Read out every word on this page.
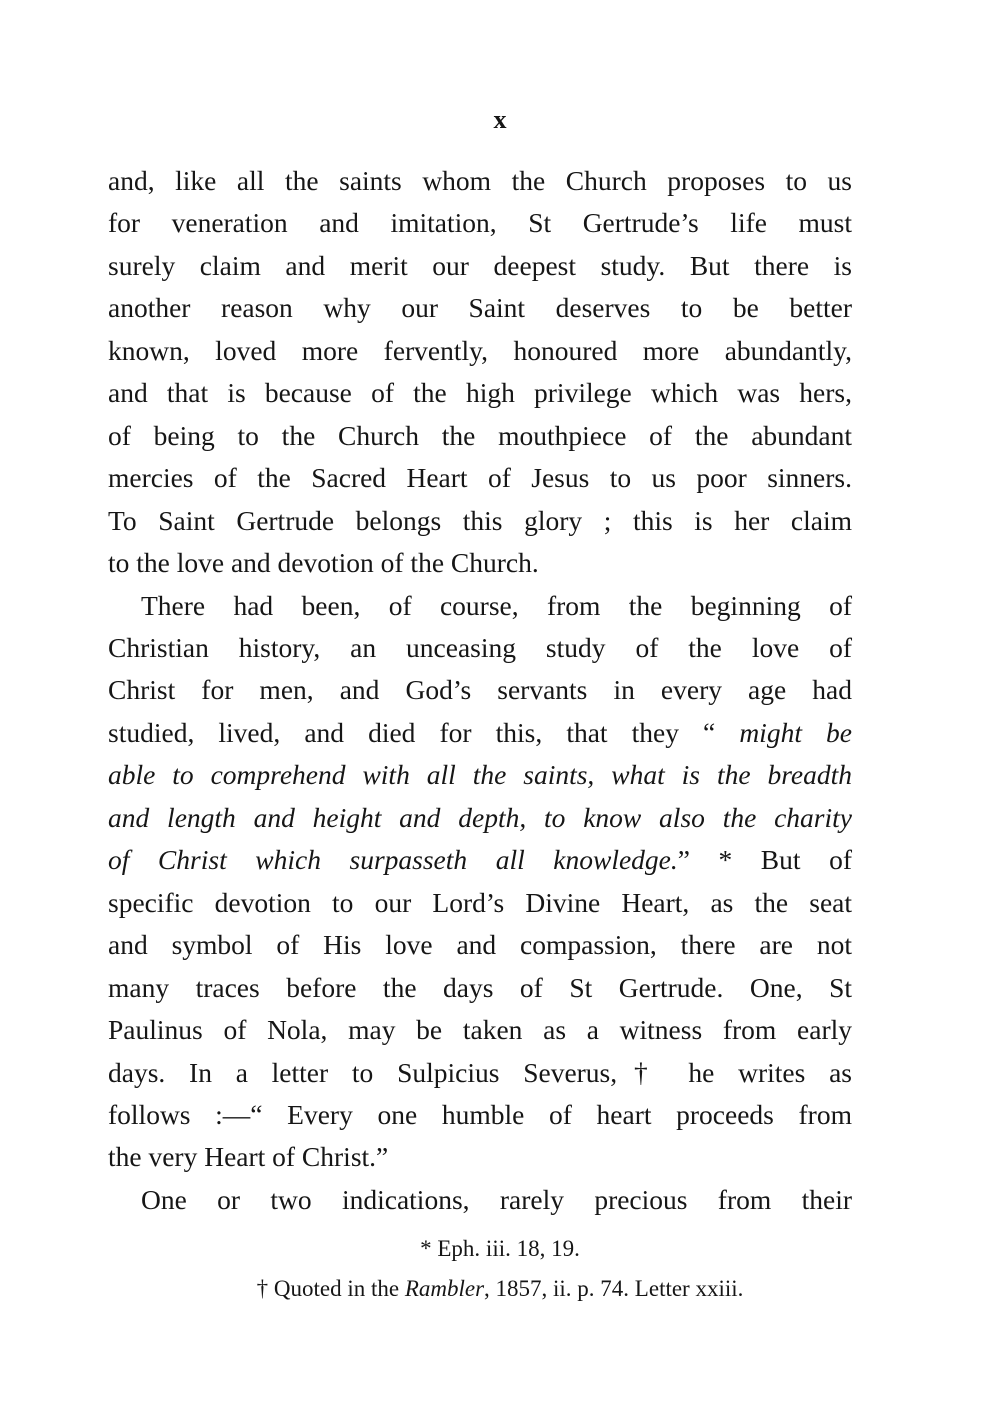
x
and, like all the saints whom the Church proposes to us
for veneration and imitation, St Gertrude’s life must
surely claim and merit our deepest study. But there is
another reason why our Saint deserves to be better
known, loved more fervently, honoured more abundantly,
and that is because of the high privilege which was hers,
of being to the Church the mouthpiece of the abundant
mercies of the Sacred Heart of Jesus to us poor sinners.
To Saint Gertrude belongs this glory ; this is her claim
to the love and devotion of the Church.
There had been, of course, from the beginning of
Christian history, an unceasing study of the love of
Christ for men, and God’s servants in every age had
studied, lived, and died for this, that they “ might be
able to comprehend with all the saints, what is the breadth
and length and height and depth, to know also the charity
of Christ which surpasseth all knowledge.” * But of
specific devotion to our Lord’s Divine Heart, as the seat
and symbol of His love and compassion, there are not
many traces before the days of St Gertrude. One, St
Paulinus of Nola, may be taken as a witness from early
days. In a letter to Sulpicius Severus,† he writes as
follows :—“ Every one humble of heart proceeds from
the very Heart of Christ.”
One or two indications, rarely precious from their
* Eph. iii. 18, 19.
† Quoted in the Rambler, 1857, ii. p. 74. Letter xxiii.
